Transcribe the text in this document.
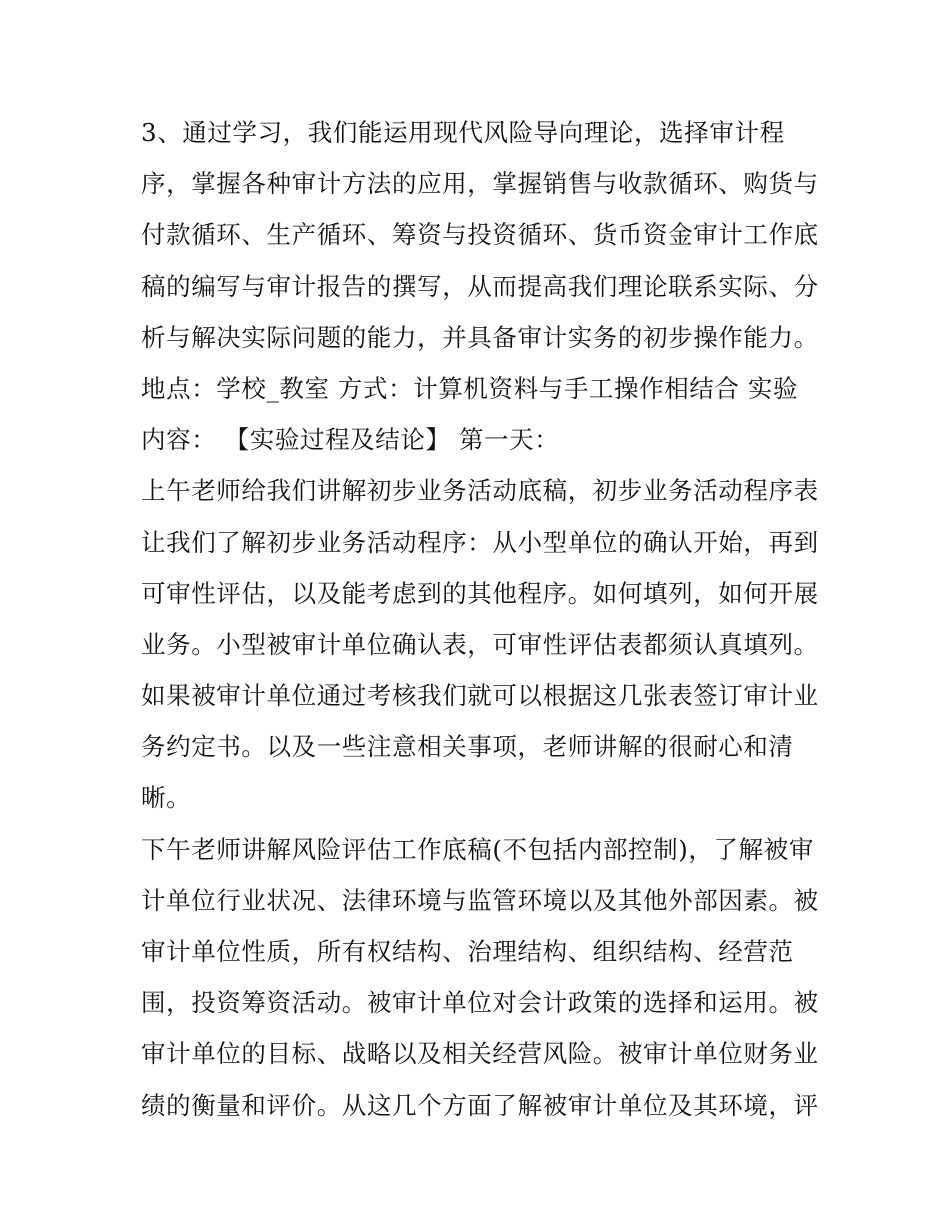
3、通过学习，我们能运用现代风险导向理论，选择审计程
序，掌握各种审计方法的应用，掌握销售与收款循环、购货与
付款循环、生产循环、筹资与投资循环、货币资金审计工作底
稿的编写与审计报告的撰写，从而提高我们理论联系实际、分
析与解决实际问题的能力，并具备审计实务的初步操作能力。
地点：学校_教室 方式：计算机资料与手工操作相结合 实验
内容： 【实验过程及结论】 第一天：
上午老师给我们讲解初步业务活动底稿，初步业务活动程序表
让我们了解初步业务活动程序：从小型单位的确认开始，再到
可审性评估，以及能考虑到的其他程序。如何填列，如何开展
业务。小型被审计单位确认表，可审性评估表都须认真填列。
如果被审计单位通过考核我们就可以根据这几张表签订审计业
务约定书。以及一些注意相关事项，老师讲解的很耐心和清
晰。
下午老师讲解风险评估工作底稿(不包括内部控制)，了解被审
计单位行业状况、法律环境与监管环境以及其他外部因素。被
审计单位性质，所有权结构、治理结构、组织结构、经营范
围，投资筹资活动。被审计单位对会计政策的选择和运用。被
审计单位的目标、战略以及相关经营风险。被审计单位财务业
绩的衡量和评价。从这几个方面了解被审计单位及其环境，评
